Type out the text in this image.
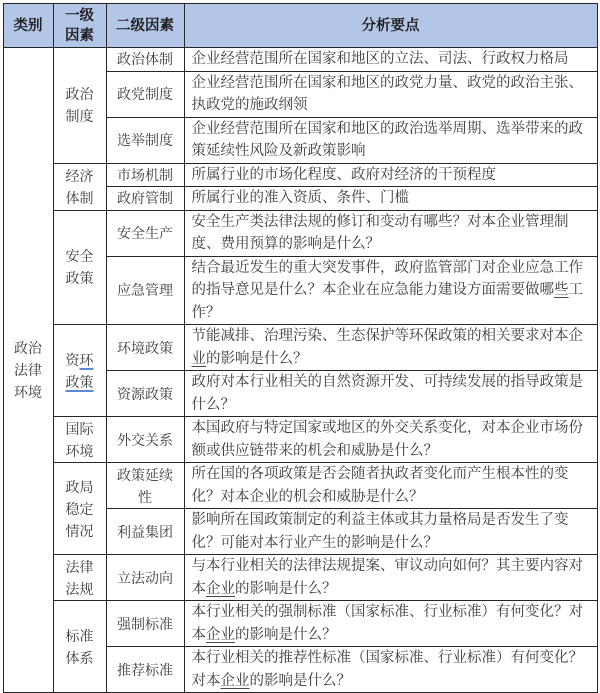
类别	一级因素	二级因素	分析要点
政治法律环境	政治制度	政治体制	企业经营范围所在国家和地区的立法、司法、行政权力格局
		政党制度	企业经营范围所在国家和地区的政党力量、政党的政治主张、执政党的施政纲领
		选举制度	企业经营范围所在国家和地区的政治选举周期、选举带来的政策延续性风险及新政策影响
	经济体制	市场机制	所属行业的市场化程度、政府对经济的干预程度
		政府管制	所属行业的准入资质、条件、门槛
	安全政策	安全生产	安全生产类法律法规的修订和变动有哪些？对本企业管理制度、费用预算的影响是什么？
		应急管理	结合最近发生的重大突发事件，政府监管部门对企业应急工作的指导意见是什么？本企业在应急能力建设方面需要做哪些工作？
	资环政策	环境政策	节能减排、治理污染、生态保护等环保政策的相关要求对本企业的影响是什么？
		资源政策	政府对本行业相关的自然资源开发、可持续发展的指导政策是什么？
	国际环境	外交关系	本国政府与特定国家或地区的外交关系变化，对本企业市场份额或供应链带来的机会和威胁是什么？
	政局稳定情况	政策延续性	所在国的各项政策是否会随者执政者变化而产生根本性的变化？对本企业的机会和威胁是什么？
		利益集团	影响所在国政策制定的利益主体或其力量格局是否发生了变化？可能对本行业产生的影响是什么？
	法律法规	立法动向	与本行业相关的法律法规提案、审议动向如何？其主要内容对本企业的影响是什么？
	标准体系	强制标准	本行业相关的强制标准（国家标准、行业标准）有何变化？对本企业的影响是什么？
		推荐标准	本行业相关的推荐性标准（国家标准、行业标准）有何变化？对本企业的影响是什么？
